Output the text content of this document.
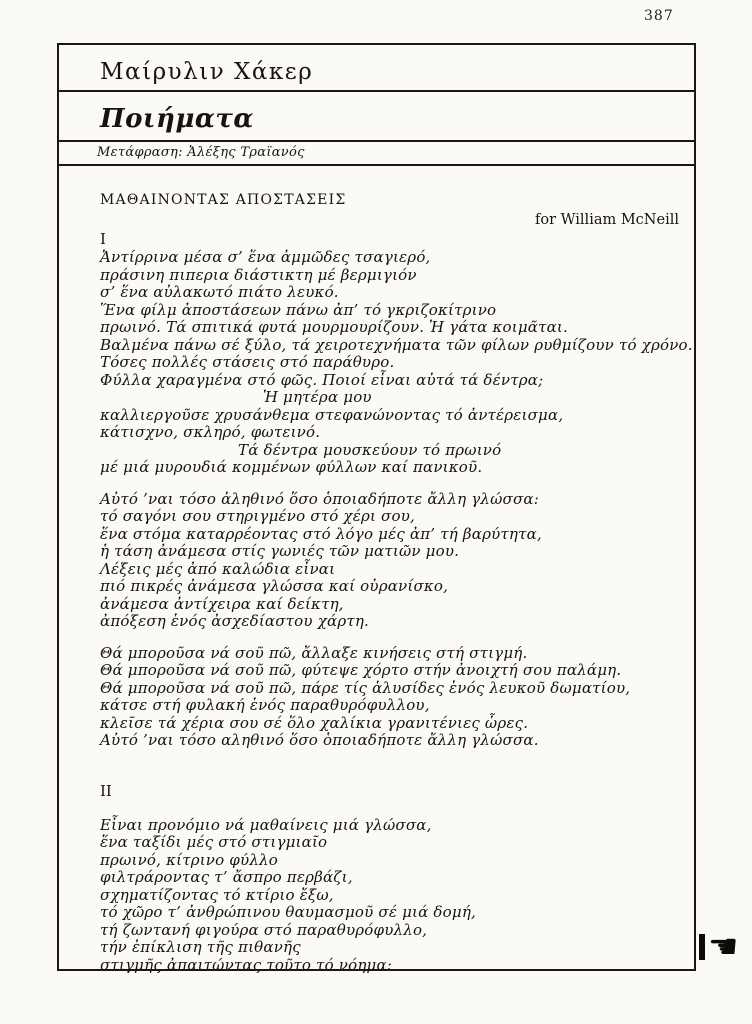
387
Μαίρυλιν Χάκερ
Ποιήματα
Μετάφραση: Ἀλέξης Τραϊανός
ΜΑΘΑΙΝΟΝΤΑΣ ΑΠΟΣΤΑΣΕΙΣ
for William McNeill
I
Ἀντίρρινα μέσα σ’ ἕνα ἀμμῶδες τσαγιερό,
πράσινη πιπερια διάστικτη μέ βερμιγιόν
σ’ ἕνα αὐλακωτό πιάτο λευκό.
Ἕνα φίλμ ἀποστάσεων πάνω ἀπ’ τό γκριζοκίτρινο
πρωινό. Τά σπιτικά φυτά μουρμουρίζουν. Ἡ γάτα κοιμᾶται.
Βαλμένα πάνω σέ ξύλο, τά χειροτεχνήματα τῶν φίλων ρυθμίζουν τό χρόνο.
Τόσες πολλές στάσεις στό παράθυρο.
Φύλλα χαραγμένα στό φῶς. Ποιοί εἶναι αὐτά τά δέντρα;
Ἡ μητέρα μου
καλλιεργοῦσε χρυσάνθεμα στεφανώνοντας τό ἀντέρεισμα,
κάτισχνο, σκληρό, φωτεινό.
Τά δέντρα μουσκεύουν τό πρωινό
μέ μιά μυρουδιά κομμένων φύλλων καί πανικοῦ.
Αὐτό ’ναι τόσο ἀληθινό ὅσο ὁποιαδήποτε ἄλλη γλώσσα:
τό σαγόνι σου στηριγμένο στό χέρι σου,
ἕνα στόμα καταρρέοντας στό λόγο μές ἀπ’ τή βαρύτητα,
ἡ τάση ἀνάμεσα στίς γωνιές τῶν ματιῶν μου.
Λέξεις μές ἀπό καλώδια εἶναι
πιό πικρές ἀνάμεσα γλώσσα καί οὐρανίσκο,
ἀνάμεσα ἀντίχειρα καί δείκτη,
ἀπόξεση ἑνός ἀσχεδίαστου χάρτη.
Θά μποροῦσα νά σοῦ πῶ, ἄλλαξε κινήσεις στή στιγμή.
Θά μποροῦσα νά σοῦ πῶ, φύτεψε χόρτο στήν ἀνοιχτή σου παλάμη.
Θά μποροῦσα νά σοῦ πῶ, πάρε τίς ἁλυσίδες ἑνός λευκοῦ δωματίου,
κάτσε στή φυλακή ἑνός παραθυρόφυλλου,
κλεῖσε τά χέρια σου σέ ὅλο χαλίκια γρανιτένιες ὧρες.
Αὐτό ’ναι τόσο αληθινό ὅσο ὁποιαδήποτε ἄλλη γλώσσα.
II
Εἶναι προνόμιο νά μαθαίνεις μιά γλώσσα,
ἕνα ταξίδι μές στό στιγμιαῖο
πρωινό, κίτρινο φύλλο
φιλτράροντας τ’ ἄσπρο περβάζι,
σχηματίζοντας τό κτίριο ἔξω,
τό χῶρο τ’ ἀνθρώπινου θαυμασμοῦ σέ μιά δομή,
τή ζωντανή φιγούρα στό παραθυρόφυλλο,
τήν ἐπίκλιση τῆς πιθανῆς
στιγμῆς ἀπαιτώντας τοῦτο τό νόημα:	☚
